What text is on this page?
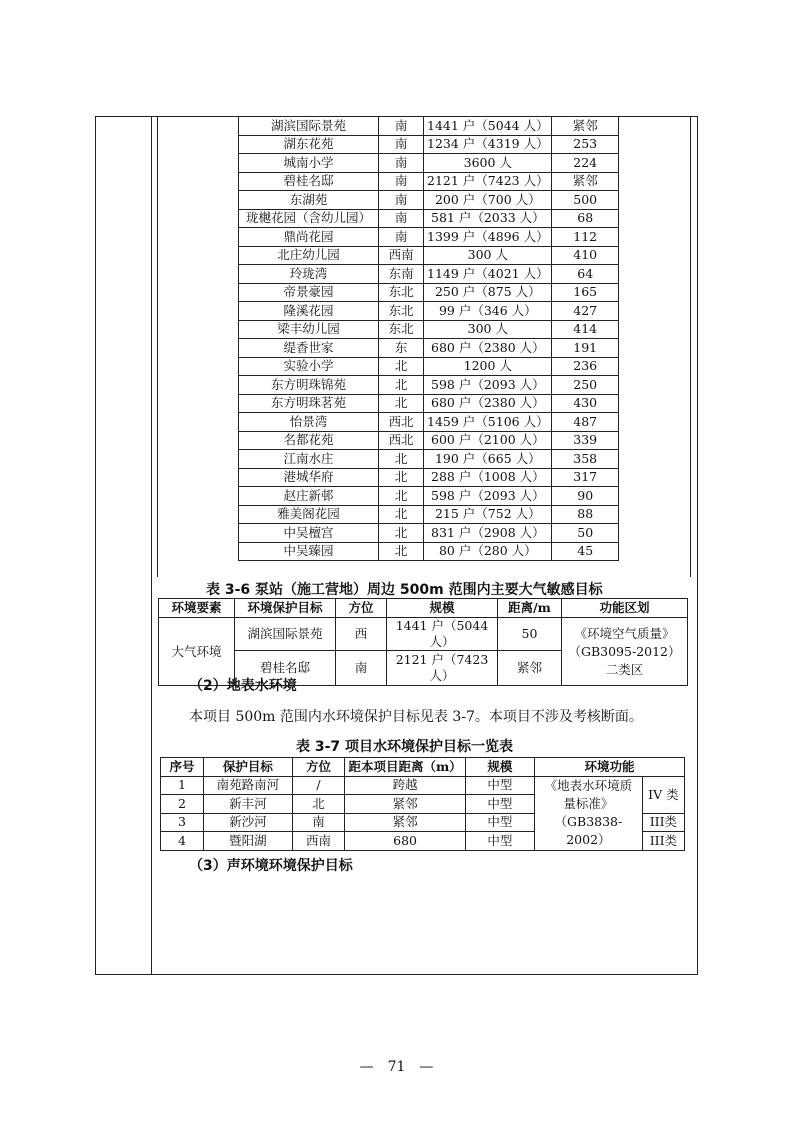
湖滨国际景苑	南	1441 户（5044 人）	紧邻
湖东花苑	南	1234 户（4319 人）	253
城南小学	南	3600 人	224
碧桂名邸	南	2121 户（7423 人）	紧邻
东湖苑	南	200 户（700 人）	500
珑樾花园（含幼儿园）	南	581 户（2033 人）	68
鼎尚花园	南	1399 户（4896 人）	112
北庄幼儿园	西南	300 人	410
玲珑湾	东南	1149 户（4021 人）	64
帝景豪园	东北	250 户（875 人）	165
隆溪花园	东北	99 户（346 人）	427
梁丰幼儿园	东北	300 人	414
缇香世家	东	680 户（2380 人）	191
实验小学	北	1200 人	236
东方明珠锦苑	北	598 户（2093 人）	250
东方明珠茗苑	北	680 户（2380 人）	430
怡景湾	西北	1459 户（5106 人）	487
名都花苑	西北	600 户（2100 人）	339
江南水庄	北	190 户（665 人）	358
港城华府	北	288 户（1008 人）	317
赵庄新邨	北	598 户（2093 人）	90
雅美阁花园	北	215 户（752 人）	88
中吴檀宫	北	831 户（2908 人）	50
中吴臻园	北	80 户（280 人）	45
表 3-6 泵站（施工营地）周边 500m 范围内主要大气敏感目标
环境要素	环境保护目标	方位	规模	距离/m	功能区划
大气环境	湖滨国际景苑	西	1441 户（5044 人）	50	《环境空气质量》（GB3095-2012）二类区
	碧桂名邸	南	2121 户（7423 人）	紧邻	
（2）地表水环境
本项目 500m 范围内水环境保护目标见表 3-7。本项目不涉及考核断面。
表 3-7 项目水环境保护目标一览表
序号	保护目标	方位	距本项目距离（m）	规模	环境功能	
1	南苑路南河	/	跨越	中型	《地表水环境质量标准》（GB3838-2002）	IV 类
2	新丰河	北	紧邻	中型		
3	新沙河	南	紧邻	中型		III类
4	暨阳湖	西南	680	中型		III类
（3）声环境环境保护目标
—　71　—
